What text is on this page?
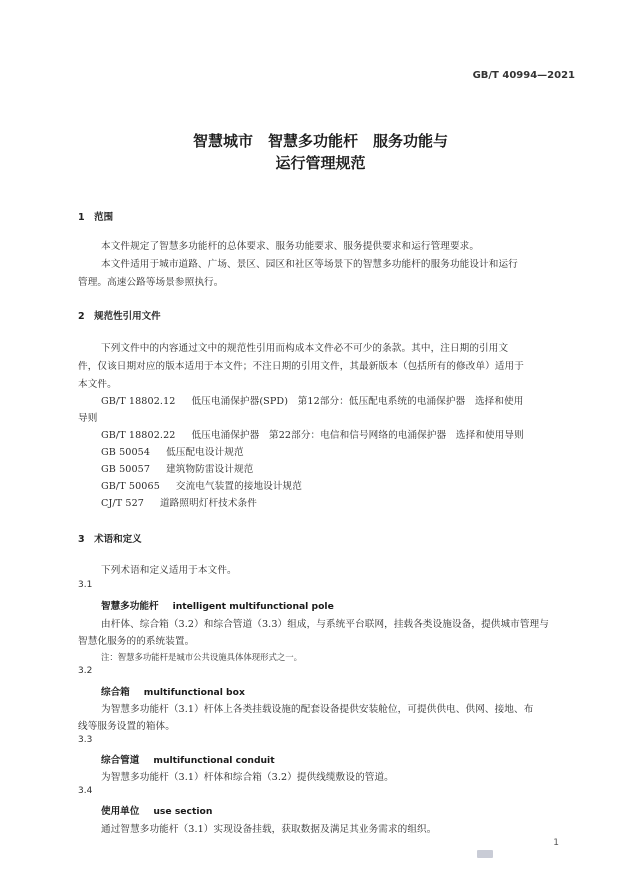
GB/T 40994—2021
智慧城市　智慧多功能杆　服务功能与
运行管理规范
1　范围
本文件规定了智慧多功能杆的总体要求、服务功能要求、服务提供要求和运行管理要求。
本文件适用于城市道路、广场、景区、园区和社区等场景下的智慧多功能杆的服务功能设计和运行
管理。高速公路等场景参照执行。
2　规范性引用文件
下列文件中的内容通过文中的规范性引用而构成本文件必不可少的条款。其中，注日期的引用文
件，仅该日期对应的版本适用于本文件；不注日期的引用文件，其最新版本（包括所有的修改单）适用于
本文件。
GB/T 18802.12 低压电涌保护器(SPD)　第12部分：低压配电系统的电涌保护器　选择和使用
导则
GB/T 18802.22 低压电涌保护器　第22部分：电信和信号网络的电涌保护器　选择和使用导则
GB 50054 低压配电设计规范
GB 50057 建筑物防雷设计规范
GB/T 50065 交流电气装置的接地设计规范
CJ/T 527 道路照明灯杆技术条件
3　术语和定义
下列术语和定义适用于本文件。
3.1
智慧多功能杆 intelligent multifunctional pole
由杆体、综合箱（3.2）和综合管道（3.3）组成，与系统平台联网，挂载各类设施设备，提供城市管理与
智慧化服务的的系统装置。
注：智慧多功能杆是城市公共设施具体体现形式之一。
3.2
综合箱 multifunctional box
为智慧多功能杆（3.1）杆体上各类挂载设施的配套设备提供安装舱位，可提供供电、供网、接地、布
线等服务设置的箱体。
3.3
综合管道 multifunctional conduit
为智慧多功能杆（3.1）杆体和综合箱（3.2）提供线缆敷设的管道。
3.4
使用单位 use section
通过智慧多功能杆（3.1）实现设备挂载，获取数据及满足其业务需求的组织。
1
